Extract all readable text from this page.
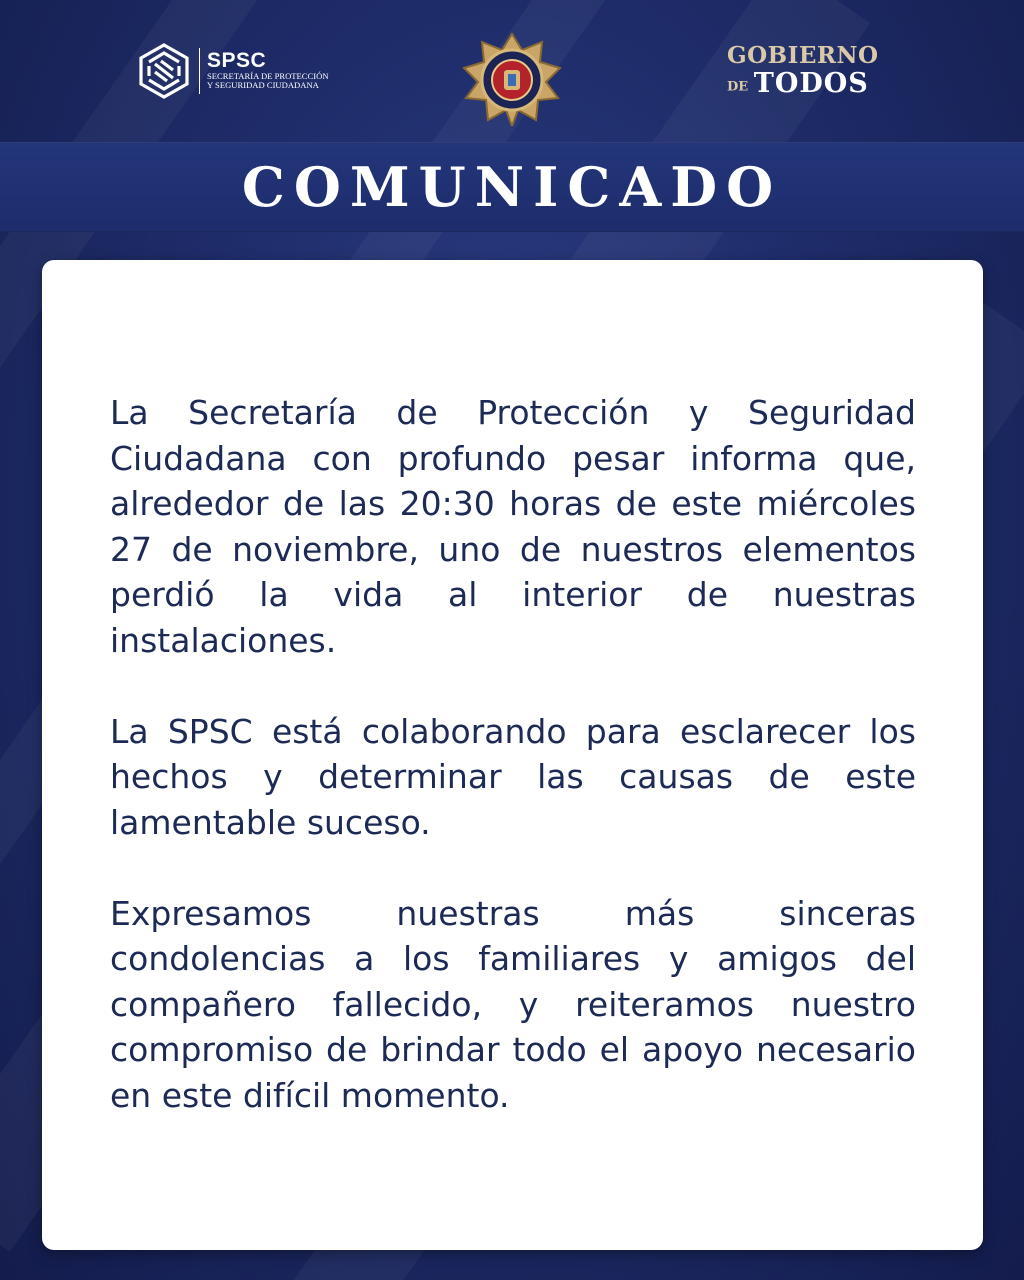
SPSC
SECRETARÍA DE PROTECCIÓN
Y SEGURIDAD CIUDADANA
GOBIERNO
DE TODOS
COMUNICADO

La Secretaría de Protección y Seguridad Ciudadana con profundo pesar informa que, alrededor de las 20:30 horas de este miércoles 27 de noviembre, uno de nuestros elementos perdió la vida al interior de nuestras instalaciones.

La SPSC está colaborando para esclarecer los hechos y determinar las causas de este lamentable suceso.

Expresamos nuestras más sinceras condolencias a los familiares y amigos del compañero fallecido, y reiteramos nuestro compromiso de brindar todo el apoyo necesario en este difícil momento.
